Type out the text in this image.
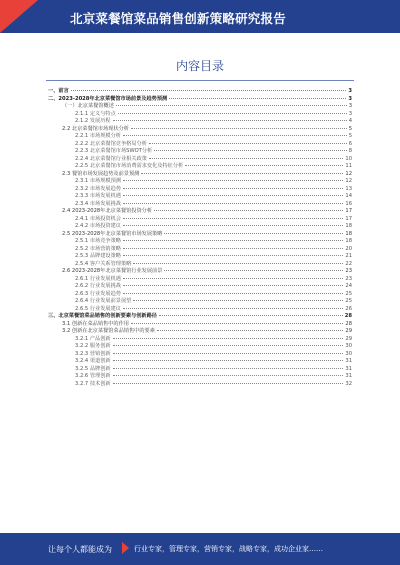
北京菜餐馆菜品销售创新策略研究报告
内容目录
一、前言	3
二、2023-2028年北京菜餐馆市场前景及趋势预测	3
（一）北京菜餐馆概述	3
2.1.1 定义与特点	3
2.1.2 发展历程	4
2.2 北京菜餐馆市场现状分析	5
2.2.1 市场规模分析	5
2.2.2 北京菜餐馆竞争格局分析	6
2.2.3 北京菜餐馆市场SWOT分析	8
2.2.4 北京菜餐馆行业相关政策	10
2.2.5 北京菜餐馆市场消费需求变化及特征分析	11
2.3 餐馆市场发展趋势及前景预测	12
2.3.1 市场规模预测	12
2.3.2 市场发展趋势	13
2.3.3 市场发展机遇	14
2.3.4 市场发展挑战	16
2.4 2023-2028年北京菜餐馆投资分析	17
2.4.1 市场投资机会	17
2.4.2 市场投资建议	18
2.5 2023-2028年北京菜餐馆市场发展策略	18
2.5.1 市场竞争策略	18
2.5.2 市场营销策略	20
2.5.3 品牌建设策略	21
2.5.4 客户关系管理策略	22
2.6 2023-2028年北京菜餐馆行业发展前景	23
2.6.1 行业发展机遇	23
2.6.2 行业发展挑战	24
2.6.3 行业发展趋势	25
2.6.4 行业发展前景展望	25
2.6.5 行业发展建议	26
三、北京菜餐馆菜品销售的创新要素与创新路径	28
3.1 创新在菜品销售中的作用	28
3.2 创新在北京菜餐馆菜品销售中的要素	29
3.2.1 产品创新	29
3.2.2 服务创新	30
3.2.3 营销创新	30
3.2.4 渠道创新	31
3.2.5 品牌创新	31
3.2.6 管理创新	31
3.2.7 技术创新	32
让每个人都能成为	行业专家，管理专家，营销专家，战略专家，成功企业家……
